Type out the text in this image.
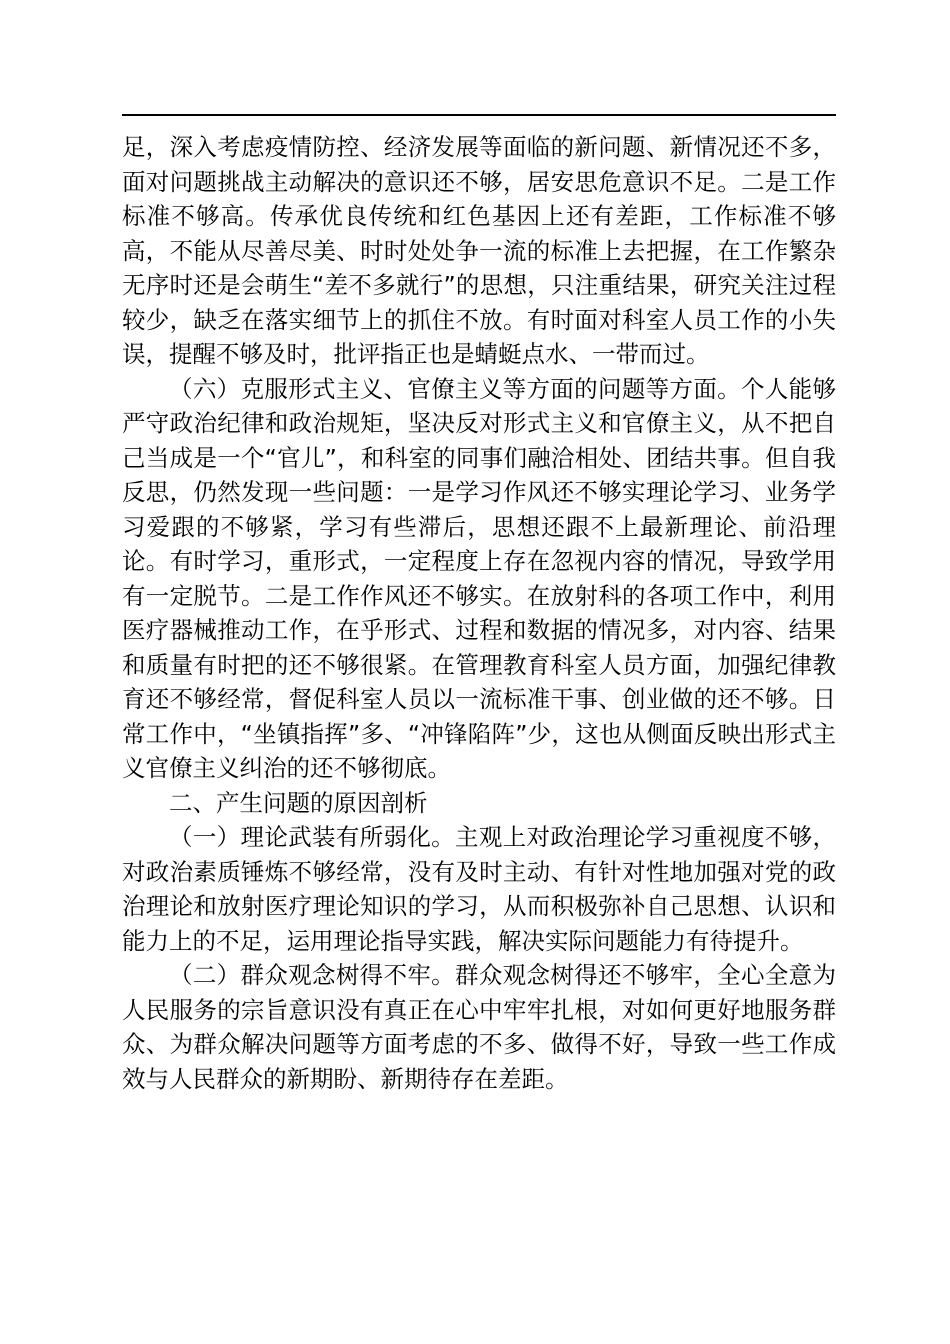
足，深入考虑疫情防控、经济发展等面临的新问题、新情况还不多，面对问题挑战主动解决的意识还不够，居安思危意识不足。二是工作标准不够高。传承优良传统和红色基因上还有差距，工作标准不够高，不能从尽善尽美、时时处处争一流的标准上去把握，在工作繁杂无序时还是会萌生“差不多就行”的思想，只注重结果，研究关注过程较少，缺乏在落实细节上的抓住不放。有时面对科室人员工作的小失误，提醒不够及时，批评指正也是蜻蜓点水、一带而过。

（六）克服形式主义、官僚主义等方面的问题等方面。个人能够严守政治纪律和政治规矩，坚决反对形式主义和官僚主义，从不把自己当成是一个“官儿”，和科室的同事们融洽相处、团结共事。但自我反思，仍然发现一些问题：一是学习作风还不够实理论学习、业务学习爱跟的不够紧，学习有些滞后，思想还跟不上最新理论、前沿理论。有时学习，重形式，一定程度上存在忽视内容的情况，导致学用有一定脱节。二是工作作风还不够实。在放射科的各项工作中，利用医疗器械推动工作，在乎形式、过程和数据的情况多，对内容、结果和质量有时把的还不够很紧。在管理教育科室人员方面，加强纪律教育还不够经常，督促科室人员以一流标准干事、创业做的还不够。日常工作中，“坐镇指挥”多、“冲锋陷阵”少，这也从侧面反映出形式主义官僚主义纠治的还不够彻底。

二、产生问题的原因剖析

（一）理论武装有所弱化。主观上对政治理论学习重视度不够，对政治素质锤炼不够经常，没有及时主动、有针对性地加强对党的政治理论和放射医疗理论知识的学习，从而积极弥补自己思想、认识和能力上的不足，运用理论指导实践，解决实际问题能力有待提升。

（二）群众观念树得不牢。群众观念树得还不够牢，全心全意为人民服务的宗旨意识没有真正在心中牢牢扎根，对如何更好地服务群众、为群众解决问题等方面考虑的不多、做得不好，导致一些工作成效与人民群众的新期盼、新期待存在差距。
